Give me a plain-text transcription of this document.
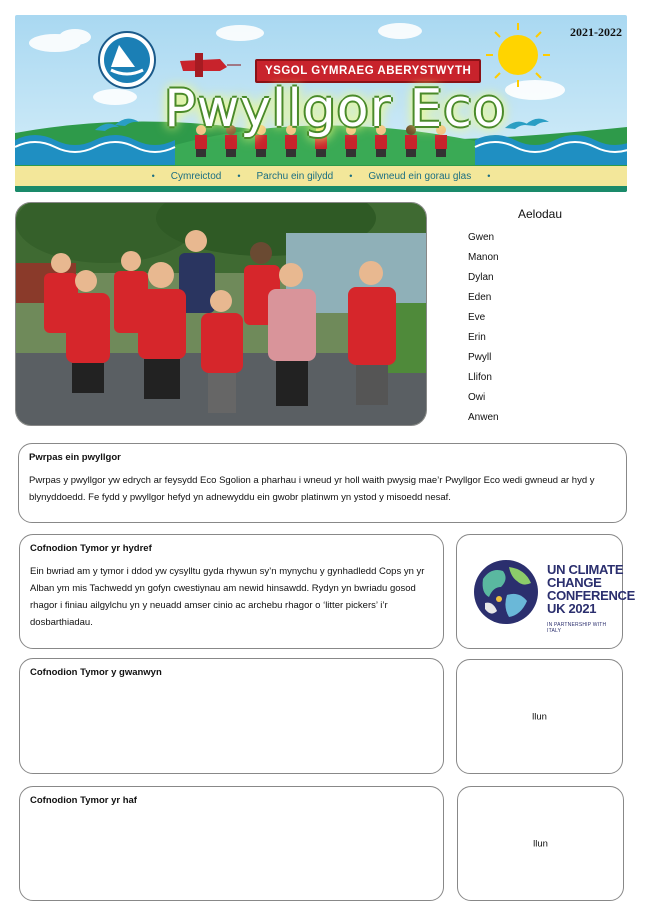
YSGOL GYMRAEG ABERYSTWYTH
Pwyllgor Eco
• Cymreictod • Parchu ein gilydd • Gwneud ein gorau glas •
2021-2022
Aelodau
Gwen
Manon
Dylan
Eden
Eve
Erin
Pwyll
Llifon
Owi
Anwen
Pwrpas ein pwyllgor
Pwrpas y pwyllgor yw edrych ar feysydd Eco Sgolion a pharhau i wneud yr holl waith pwysig mae’r Pwyllgor Eco wedi gwneud ar hyd y blynyddoedd. Fe fydd y pwyllgor hefyd yn adnewyddu ein gwobr platinwm yn ystod y misoedd nesaf.
Cofnodion Tymor yr hydref
Ein bwriad am y tymor i ddod yw cysylltu gyda rhywun sy’n mynychu y gynhadledd Cops yn yr Alban ym mis Tachwedd yn gofyn cwestiynau am newid hinsawdd. Rydyn yn bwriadu gosod rhagor i finiau ailgylchu yn y neuadd amser cinio ac archebu rhagor o ‘litter pickers’ i’r dosbarthiadau.
UN CLIMATE
CHANGE
CONFERENCE
UK 2021
IN PARTNERSHIP WITH ITALY
Cofnodion Tymor y gwanwyn
llun
Cofnodion Tymor yr haf
llun
